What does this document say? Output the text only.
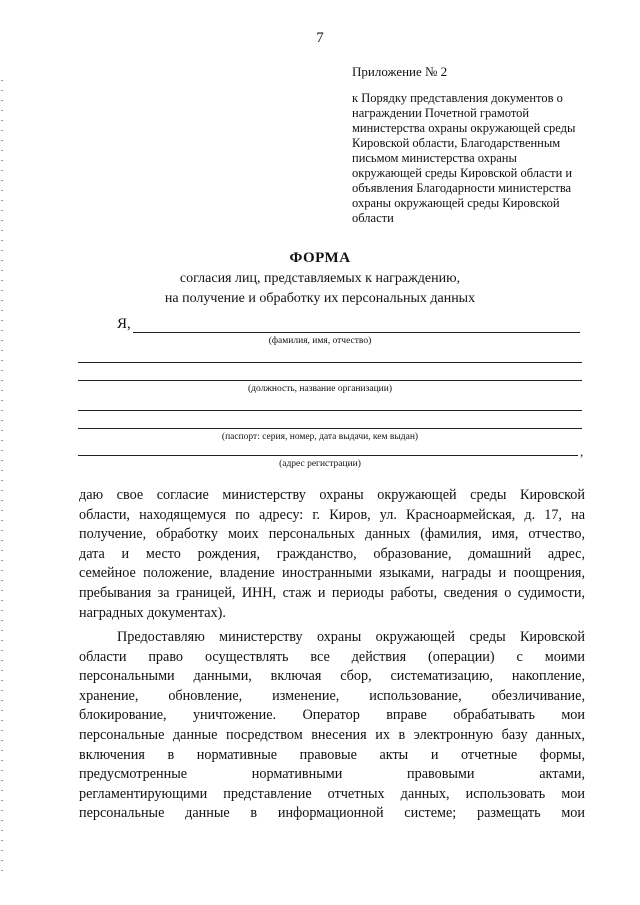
7
Приложение № 2
к Порядку представления документов о
награждении Почетной грамотой
министерства охраны окружающей среды
Кировской области, Благодарственным
письмом министерства охраны
окружающей среды Кировской области и
объявления Благодарности министерства
охраны окружающей среды Кировской
области
ФОРМА
согласия лиц, представляемых к награждению,
на получение и обработку их персональных данных
Я,
(фамилия, имя, отчество)
(должность, название организации)
(паспорт: серия, номер, дата выдачи, кем выдан)
,
(адрес регистрации)
даю свое согласие министерству охраны окружающей среды Кировской
области, находящемуся по адресу: г. Киров, ул. Красноармейская, д. 17, на
получение, обработку моих персональных данных (фамилия, имя, отчество,
дата и место рождения, гражданство, образование, домашний адрес,
семейное положение, владение иностранными языками, награды и поощрения,
пребывания за границей, ИНН, стаж и периоды работы, сведения о судимости,
наградных документах).
Предоставляю министерству охраны окружающей среды Кировской
области право осуществлять все действия (операции) с моими
персональными данными, включая сбор, систематизацию, накопление,
хранение, обновление, изменение, использование, обезличивание,
блокирование, уничтожение. Оператор вправе обрабатывать мои
персональные данные посредством внесения их в электронную базу данных,
включения в нормативные правовые акты и отчетные формы,
предусмотренные нормативными правовыми актами,
регламентирующими представление отчетных данных, использовать мои
персональные данные в информационной системе; размещать мои
